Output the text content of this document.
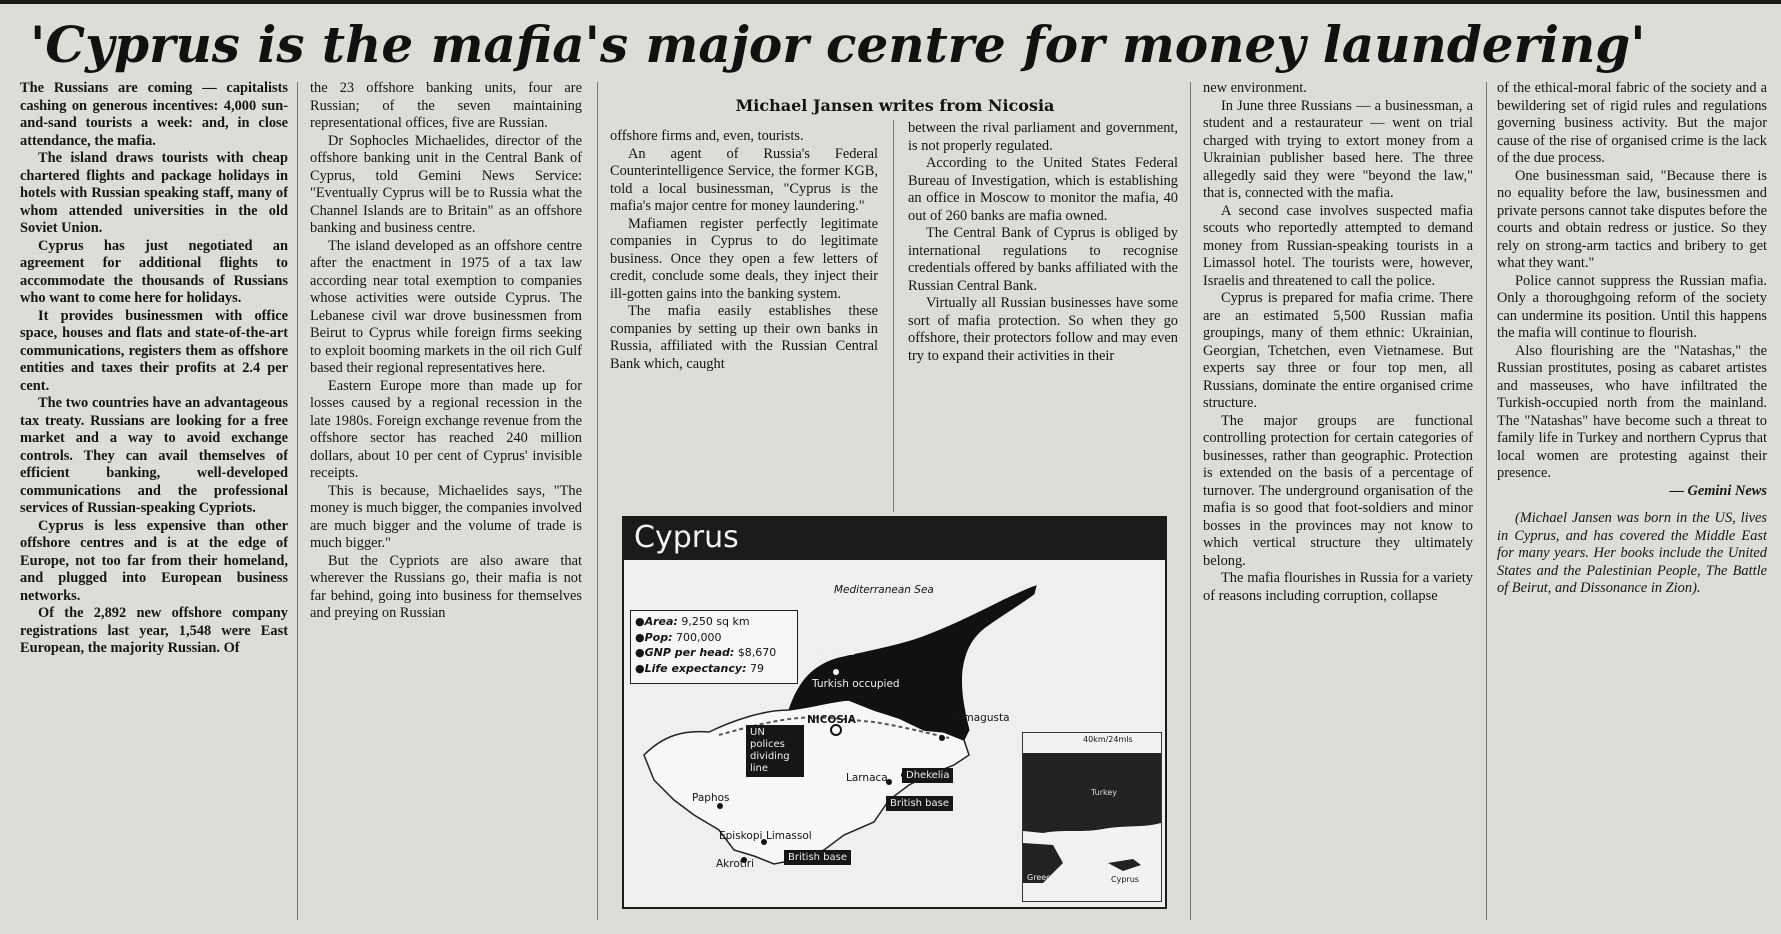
'Cyprus is the mafia's major centre for money laundering'
Michael Jansen writes from Nicosia

The Russians are coming — capitalists cashing on generous incentives: 4,000 sun-and-sand tourists a week: and, in close attendance, the mafia.

The island draws tourists with cheap chartered flights and package holidays in hotels with Russian speaking staff, many of whom attended universities in the old Soviet Union.

Cyprus has just negotiated an agreement for additional flights to accommodate the thousands of Russians who want to come here for holidays.

It provides businessmen with office space, houses and flats and state-of-the-art communications, registers them as offshore entities and taxes their profits at 2.4 per cent.

The two countries have an advantageous tax treaty. Russians are looking for a free market and a way to avoid exchange controls. They can avail themselves of efficient banking, well-developed communications and the professional services of Russian-speaking Cypriots.

Cyprus is less expensive than other offshore centres and is at the edge of Europe, not too far from their homeland, and plugged into European business networks.

Of the 2,892 new offshore company registrations last year, 1,548 were East European, the majority Russian. Of

the 23 offshore banking units, four are Russian; of the seven maintaining representational offices, five are Russian.

Dr Sophocles Michaelides, director of the offshore banking unit in the Central Bank of Cyprus, told Gemini News Service: "Eventually Cyprus will be to Russia what the Channel Islands are to Britain" as an offshore banking and business centre.

The island developed as an offshore centre after the enactment in 1975 of a tax law according near total exemption to companies whose activities were outside Cyprus. The Lebanese civil war drove businessmen from Beirut to Cyprus while foreign firms seeking to exploit booming markets in the oil rich Gulf based their regional representatives here.

Eastern Europe more than made up for losses caused by a regional recession in the late 1980s. Foreign exchange revenue from the offshore sector has reached 240 million dollars, about 10 per cent of Cyprus' invisible receipts.

This is because, Michaelides says, "The money is much bigger, the companies involved are much bigger and the volume of trade is much bigger."

But the Cypriots are also aware that wherever the Russians go, their mafia is not far behind, going into business for themselves and preying on Russian

offshore firms and, even, tourists.

An agent of Russia's Federal Counterintelligence Service, the former KGB, told a local businessman, "Cyprus is the mafia's major centre for money laundering."

Mafiamen register perfectly legitimate companies in Cyprus to do legitimate business. Once they open a few letters of credit, conclude some deals, they inject their ill-gotten gains into the banking system.

The mafia easily establishes these companies by setting up their own banks in Russia, affiliated with the Russian Central Bank which, caught

between the rival parliament and government, is not properly regulated.

According to the United States Federal Bureau of Investigation, which is establishing an office in Moscow to monitor the mafia, 40 out of 260 banks are mafia owned.

The Central Bank of Cyprus is obliged by international regulations to recognise credentials offered by banks affiliated with the Russian Central Bank.

Virtually all Russian businesses have some sort of mafia protection. So when they go offshore, their protectors follow and may even try to expand their activities in their

new environment.

In June three Russians — a businessman, a student and a restaurateur — went on trial charged with trying to extort money from a Ukrainian publisher based here. The three allegedly said they were "beyond the law," that is, connected with the mafia.

A second case involves suspected mafia scouts who reportedly attempted to demand money from Russian-speaking tourists in a Limassol hotel. The tourists were, however, Israelis and threatened to call the police.

Cyprus is prepared for mafia crime. There are an estimated 5,500 Russian mafia groupings, many of them ethnic: Ukrainian, Georgian, Tchetchen, even Vietnamese. But experts say three or four top men, all Russians, dominate the entire organised crime structure.

The major groups are functional controlling protection for certain categories of businesses, rather than geographic. Protection is extended on the basis of a percentage of turnover. The underground organisation of the mafia is so good that foot-soldiers and minor bosses in the provinces may not know to which vertical structure they ultimately belong.

The mafia flourishes in Russia for a variety of reasons including corruption, collapse

of the ethical-moral fabric of the society and a bewildering set of rigid rules and regulations governing business activity. But the major cause of the rise of organised crime is the lack of the due process.

One businessman said, "Because there is no equality before the law, businessmen and private persons cannot take disputes before the courts and obtain redress or justice. So they rely on strong-arm tactics and bribery to get what they want."

Police cannot suppress the Russian mafia. Only a thoroughgoing reform of the society can undermine its position. Until this happens the mafia will continue to flourish.

Also flourishing are the "Natashas," the Russian prostitutes, posing as cabaret artistes and masseuses, who have infiltrated the Turkish-occupied north from the mainland. The "Natashas" have become such a threat to family life in Turkey and northern Cyprus that local women are protesting against their presence.

— Gemini News

(Michael Jansen was born in the US, lives in Cyprus, and has covered the Middle East for many years. Her books include the United States and the Palestinian People, The Battle of Beirut, and Dissonance in Zion).

Cyprus
●Area: 9,250 sq km
●Pop: 700,000
●GNP per head: $8,670
●Life expectancy: 79
Mediterranean Sea
Kyrenia
Turkish occupied
NICOSIA	Famagusta
UN polices dividing line
Larnaca	Dhekelia
British base
Paphos
Episkopi Limassol
Akrotiri
British base
40km/24mls
Turkey
Greece	Cyprus
